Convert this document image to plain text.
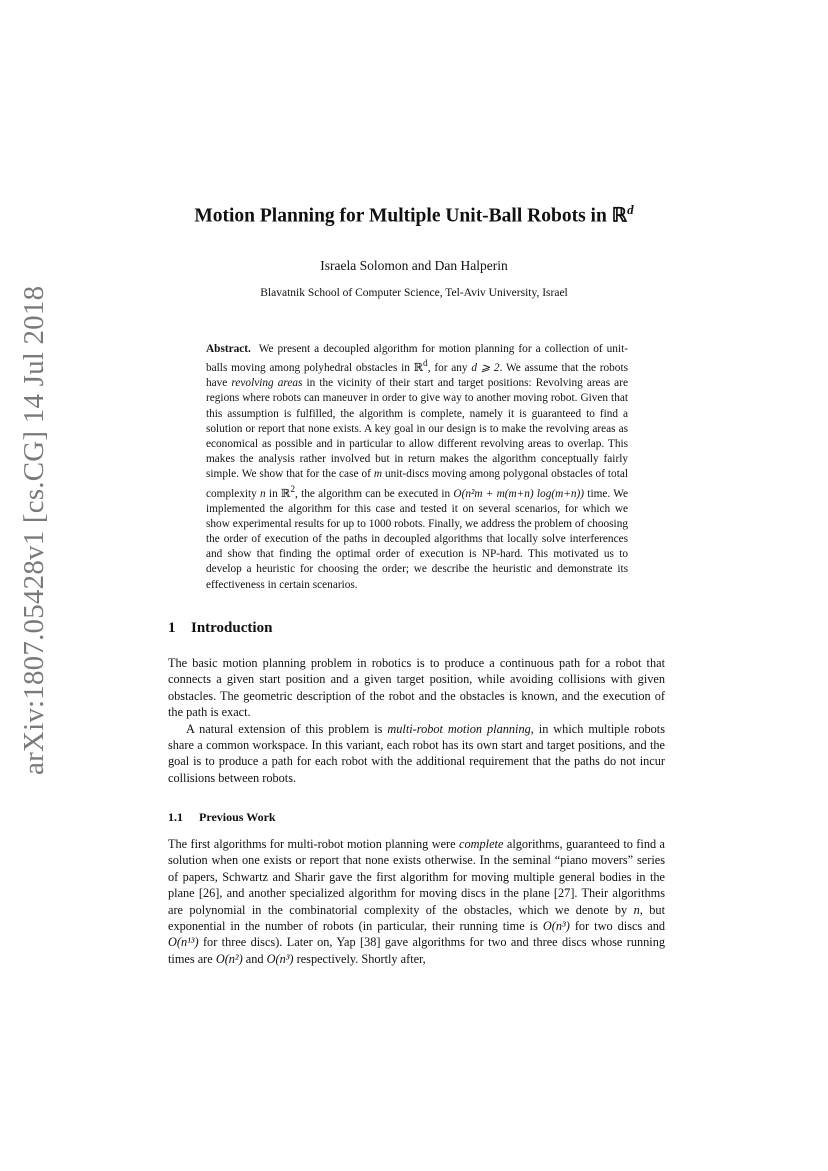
arXiv:1807.05428v1 [cs.CG] 14 Jul 2018
Motion Planning for Multiple Unit-Ball Robots in ℝ$^d$
Israela Solomon and Dan Halperin
Blavatnik School of Computer Science, Tel-Aviv University, Israel
Abstract. We present a decoupled algorithm for motion planning for a collection of unit-balls moving among polyhedral obstacles in ℝ$^d$, for any d ⩾ 2. We assume that the robots have revolving areas in the vicinity of their start and target positions: Revolving areas are regions where robots can maneuver in order to give way to another moving robot. Given that this assumption is fulfilled, the algorithm is complete, namely it is guaranteed to find a solution or report that none exists. A key goal in our design is to make the revolving areas as economical as possible and in particular to allow different revolving areas to overlap. This makes the analysis rather involved but in return makes the algorithm conceptually fairly simple. We show that for the case of m unit-discs moving among polygonal obstacles of total complexity n in ℝ$^2$, the algorithm can be executed in O(n²m + m(m+n) log(m+n)) time. We implemented the algorithm for this case and tested it on several scenarios, for which we show experimental results for up to 1000 robots. Finally, we address the problem of choosing the order of execution of the paths in decoupled algorithms that locally solve interferences and show that finding the optimal order of execution is NP-hard. This motivated us to develop a heuristic for choosing the order; we describe the heuristic and demonstrate its effectiveness in certain scenarios.
1 Introduction

The basic motion planning problem in robotics is to produce a continuous path for a robot that connects a given start position and a given target position, while avoiding collisions with given obstacles. The geometric description of the robot and the obstacles is known, and the execution of the path is exact.

A natural extension of this problem is multi-robot motion planning, in which multiple robots share a common workspace. In this variant, each robot has its own start and target positions, and the goal is to produce a path for each robot with the additional requirement that the paths do not incur collisions between robots.

1.1 Previous Work

The first algorithms for multi-robot motion planning were complete algorithms, guaranteed to find a solution when one exists or report that none exists otherwise. In the seminal “piano movers” series of papers, Schwartz and Sharir gave the first algorithm for moving multiple general bodies in the plane [26], and another specialized algorithm for moving discs in the plane [27]. Their algorithms are polynomial in the combinatorial complexity of the obstacles, which we denote by n, but exponential in the number of robots (in particular, their running time is O(n³) for two discs and O(n¹³) for three discs). Later on, Yap [38] gave algorithms for two and three discs whose running times are O(n²) and O(n³) respectively. Shortly after,
